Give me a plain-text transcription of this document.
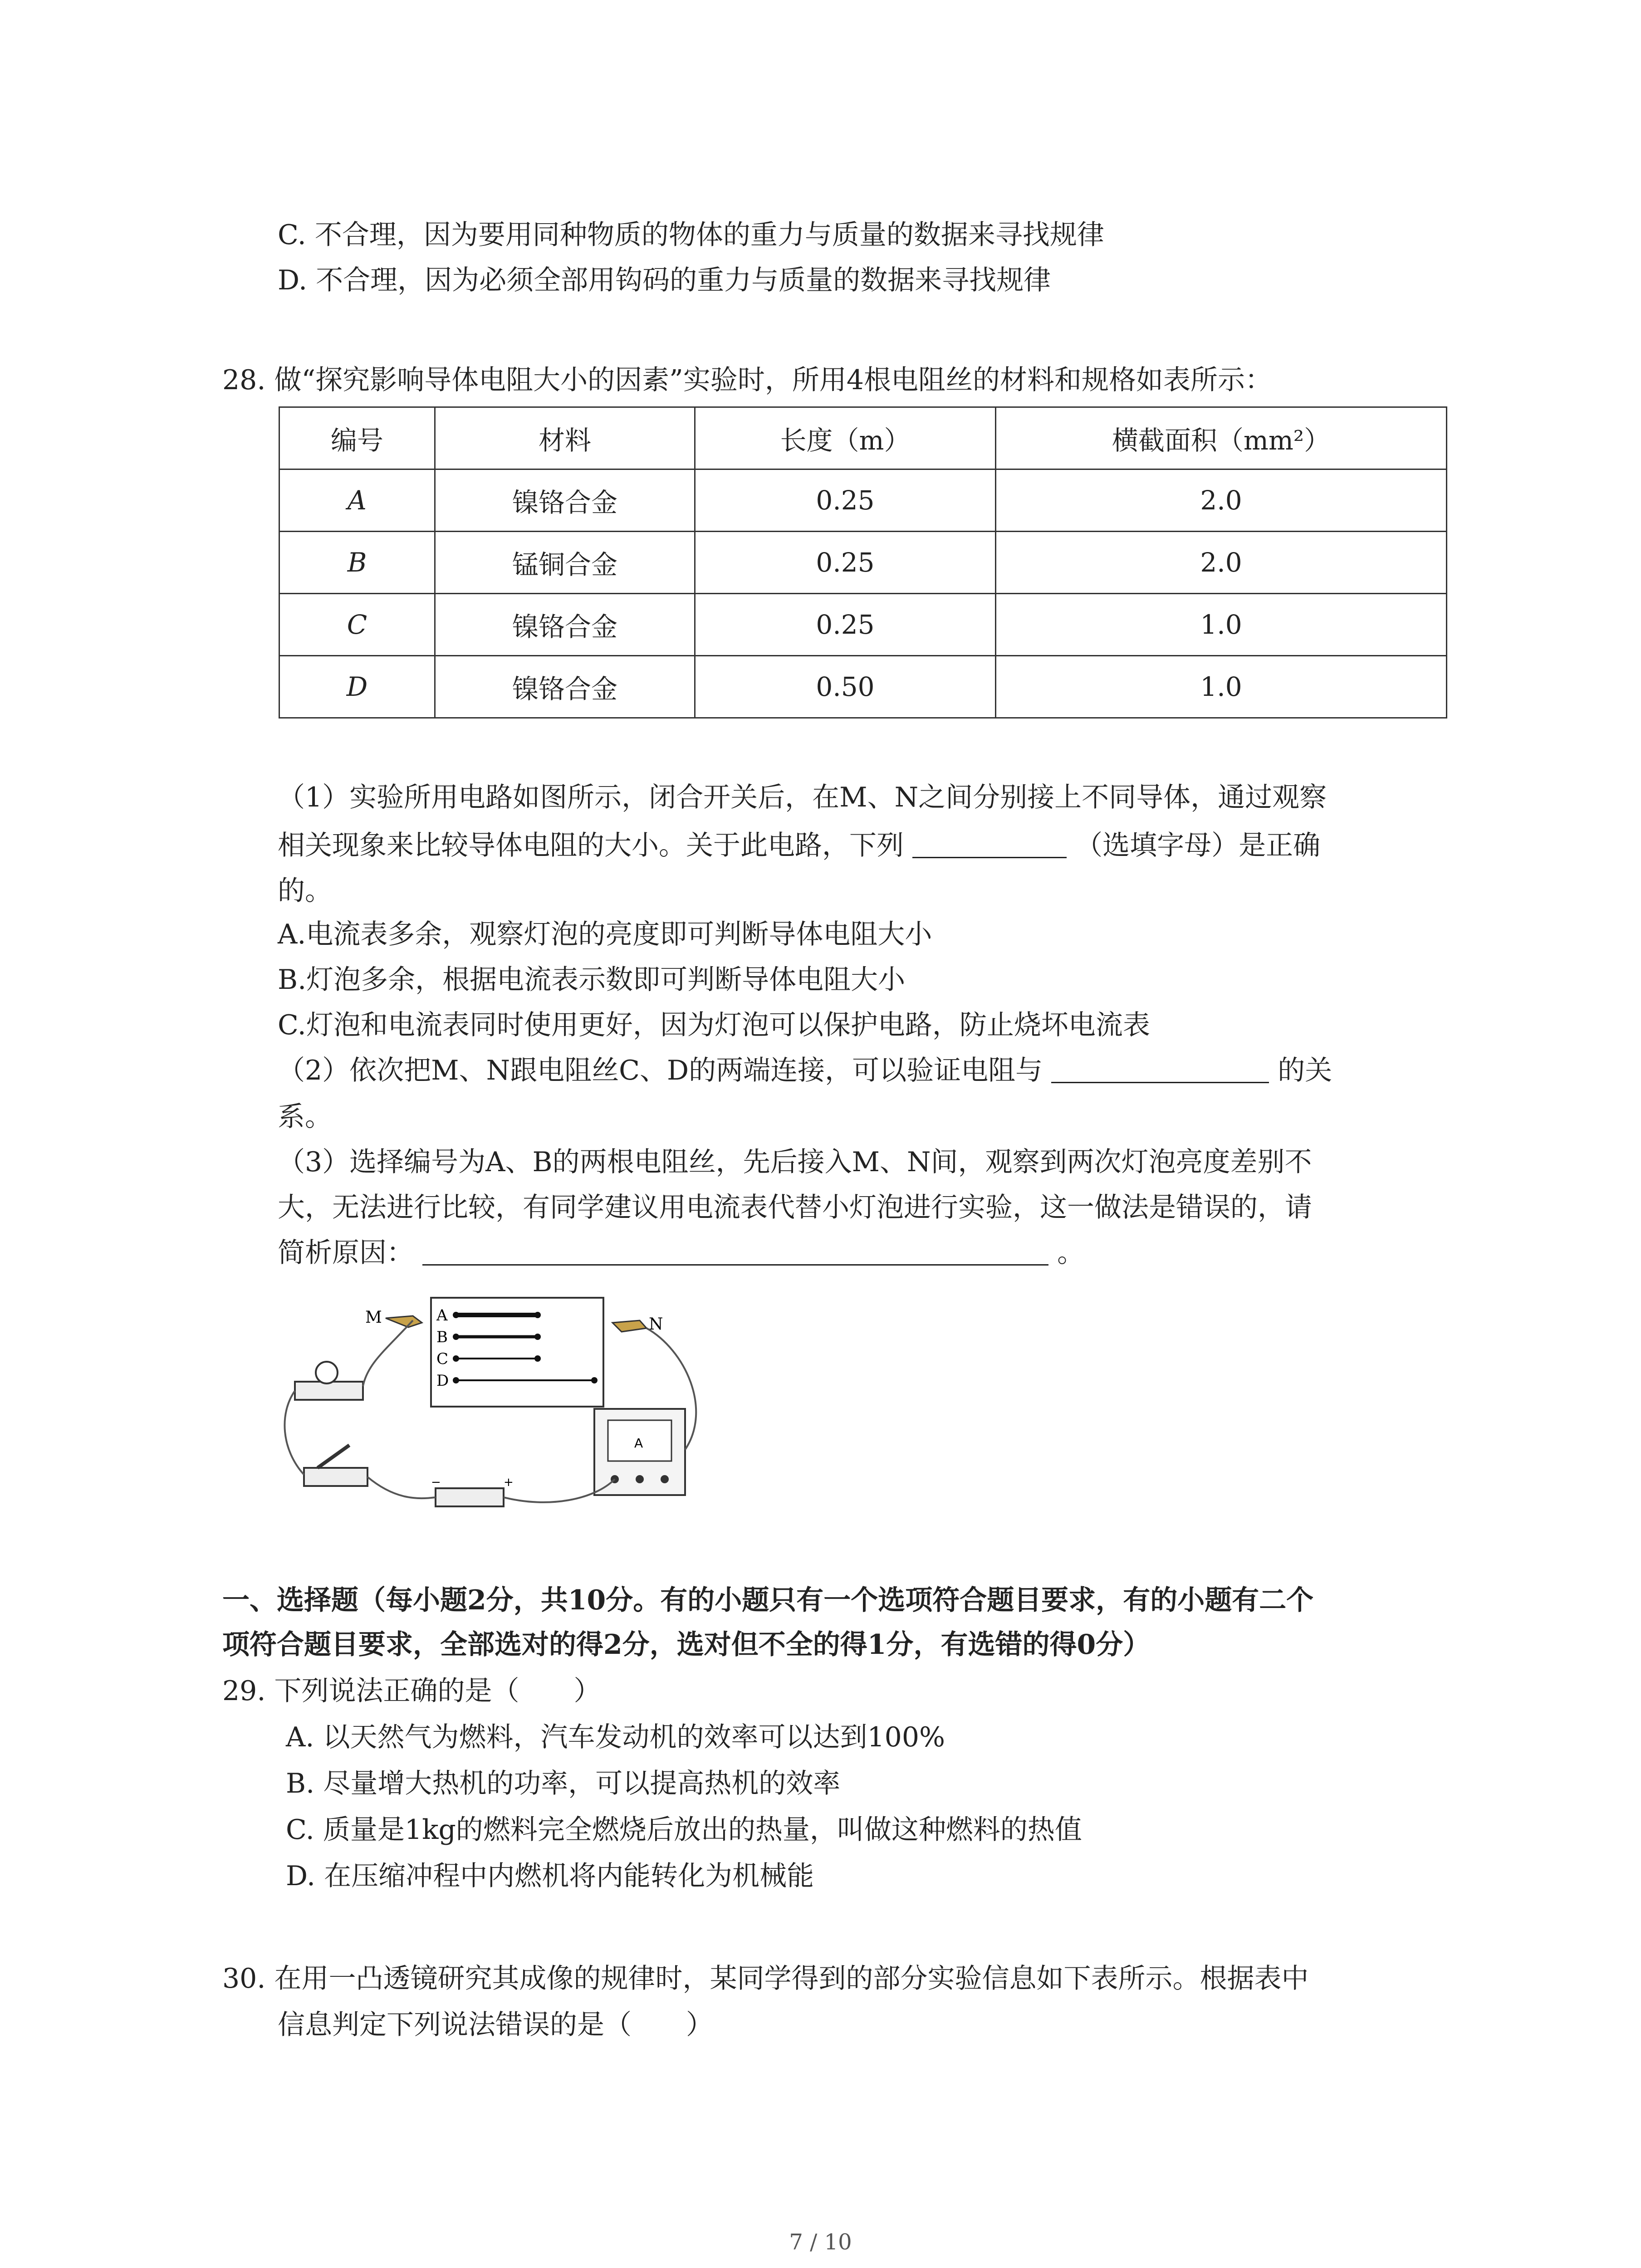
C. 不合理，因为要用同种物质的物体的重力与质量的数据来寻找规律
D. 不合理，因为必须全部用钩码的重力与质量的数据来寻找规律
28. 做“探究影响导体电阻大小的因素”实验时，所用4根电阻丝的材料和规格如表所示：
编号	材料	长度（m）	横截面积（mm²）
A	镍铬合金	0.25	2.0
B	锰铜合金	0.25	2.0
C	镍铬合金	0.25	1.0
D	镍铬合金	0.50	1.0
（1）实验所用电路如图所示，闭合开关后，在M、N之间分别接上不同导体，通过观察
相关现象来比较导体电阻的大小。关于此电路，下列	（选填字母）是正确
的。
A.电流表多余，观察灯泡的亮度即可判断导体电阻大小
B.灯泡多余，根据电流表示数即可判断导体电阻大小
C.灯泡和电流表同时使用更好，因为灯泡可以保护电路，防止烧坏电流表
（2）依次把M、N跟电阻丝C、D的两端连接，可以验证电阻与	的关
系。
（3）选择编号为A、B的两根电阻丝，先后接入M、N间，观察到两次灯泡亮度差别不
大，无法进行比较，有同学建议用电流表代替小灯泡进行实验，这一做法是错误的，请
简析原因：	。
A
B
C
D
M	N
−	+
A
一、选择题（每小题2分，共10分。有的小题只有一个选项符合题目要求，有的小题有二个
项符合题目要求，全部选对的得2分，选对但不全的得1分，有选错的得0分）
29. 下列说法正确的是（　　）
A. 以天然气为燃料，汽车发动机的效率可以达到100%
B. 尽量增大热机的功率，可以提高热机的效率
C. 质量是1kg的燃料完全燃烧后放出的热量，叫做这种燃料的热值
D. 在压缩冲程中内燃机将内能转化为机械能
30. 在用一凸透镜研究其成像的规律时，某同学得到的部分实验信息如下表所示。根据表中
信息判定下列说法错误的是（　　）
7 / 10
